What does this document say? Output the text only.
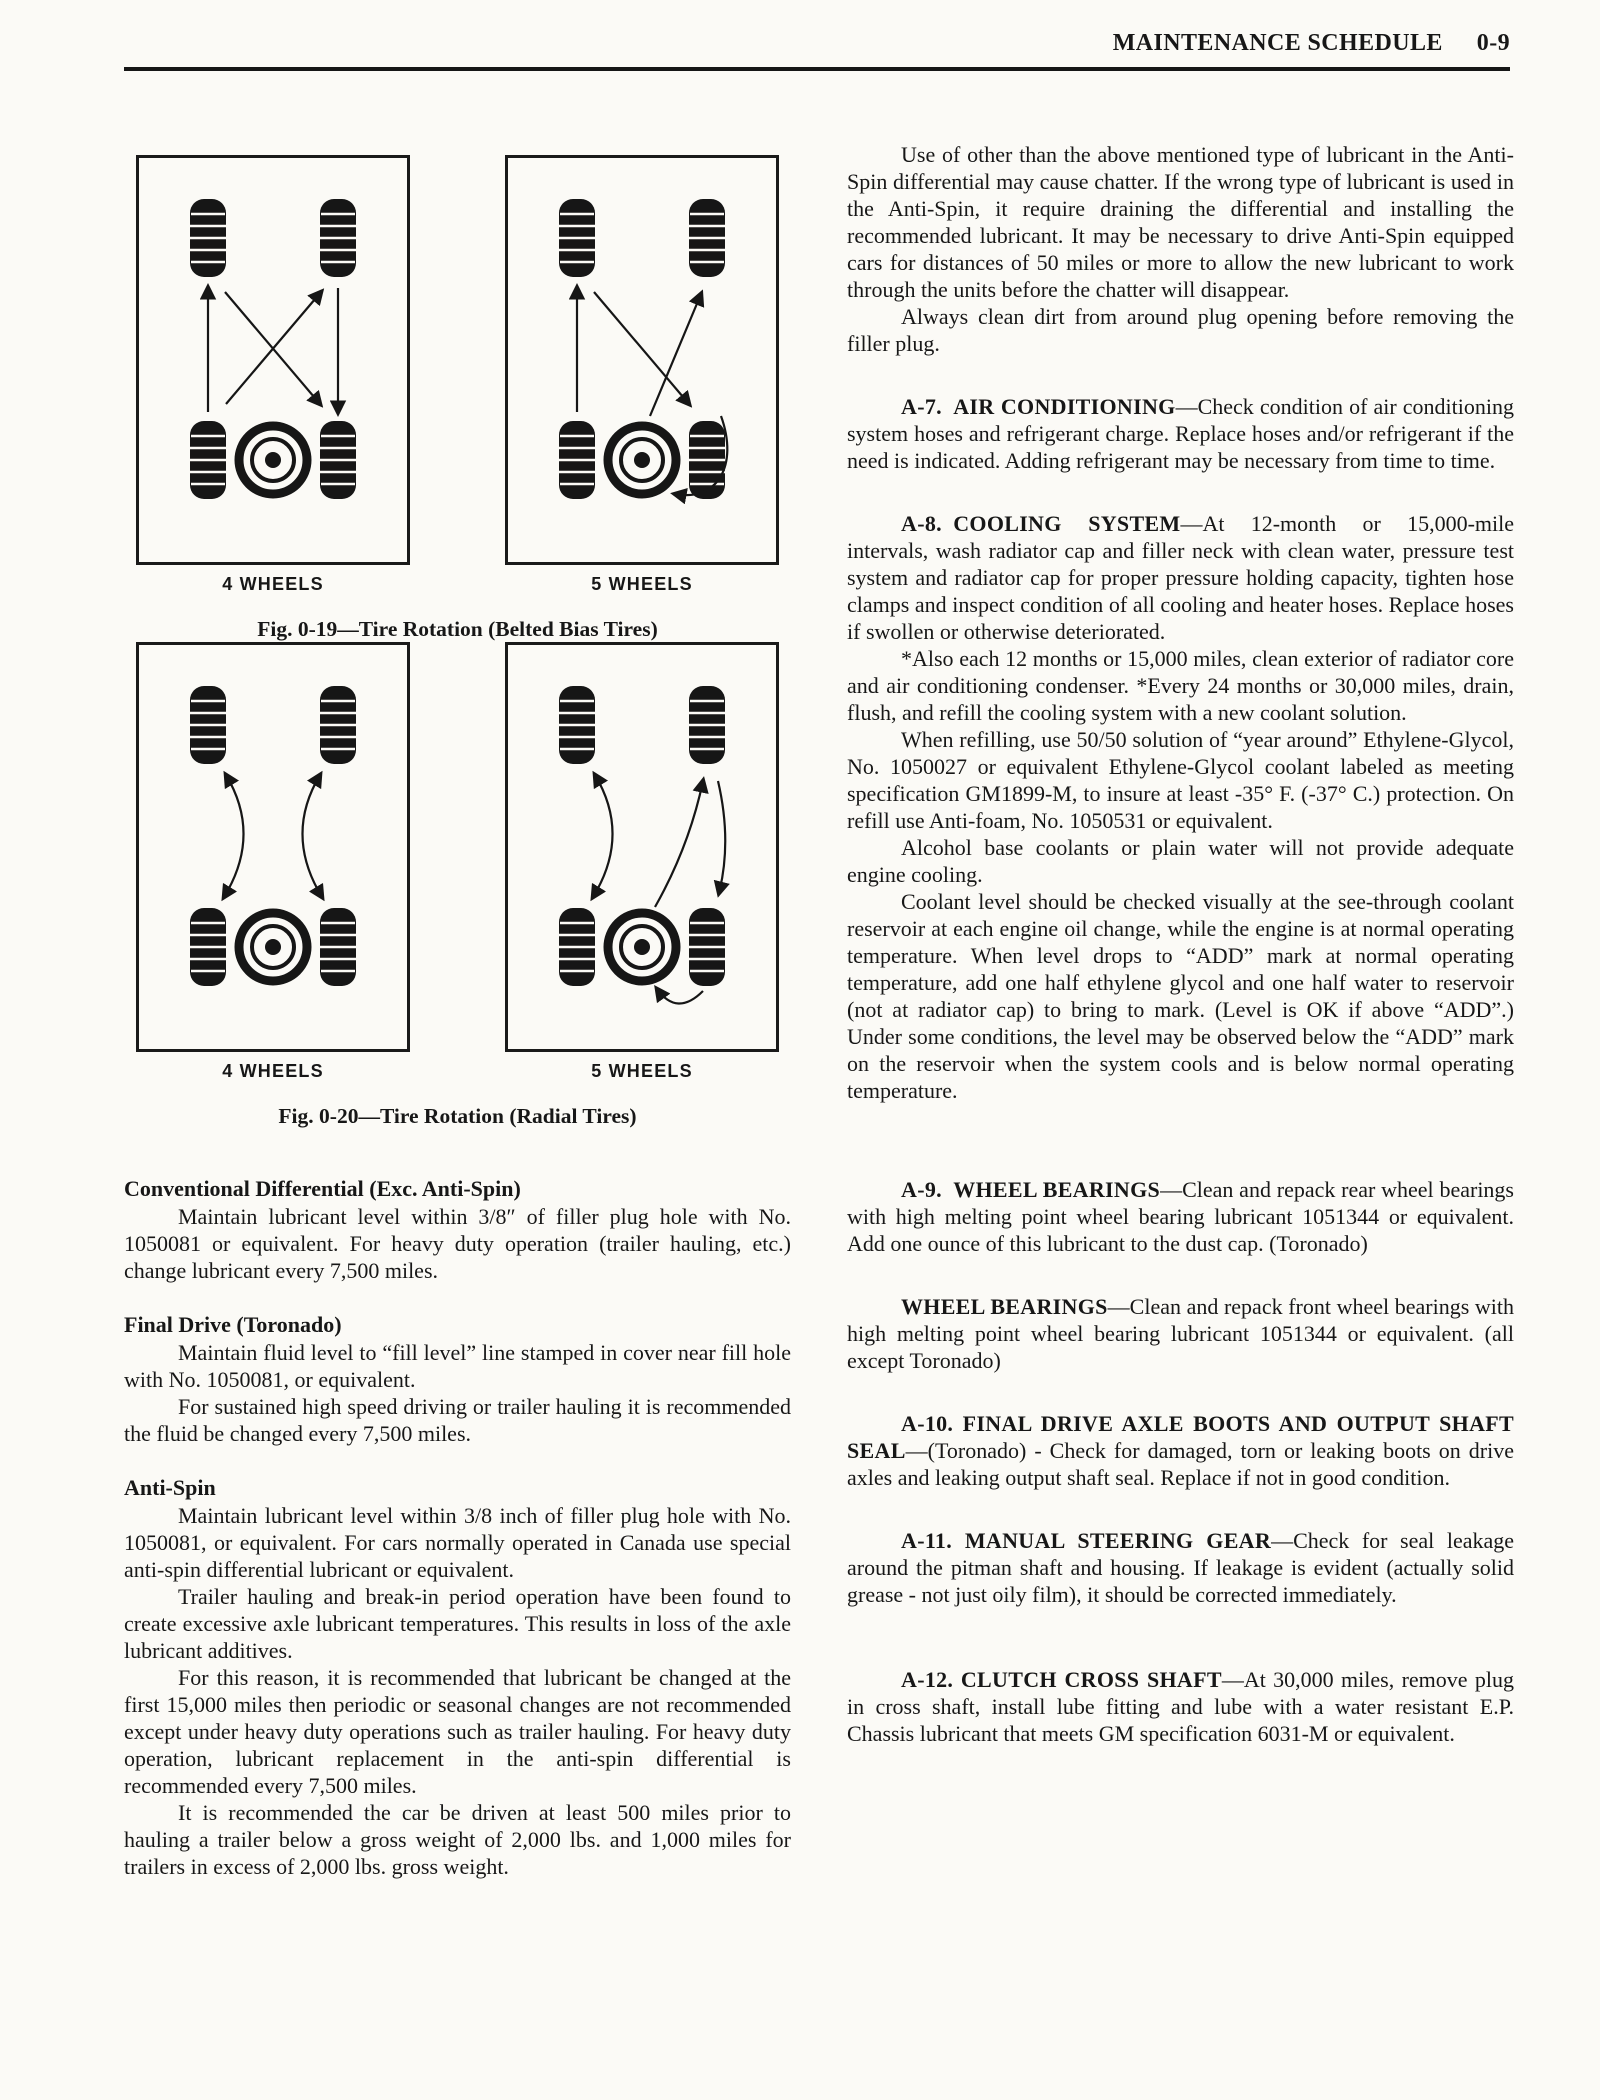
MAINTENANCE SCHEDULE 0-9
4 WHEELS	5 WHEELS
Fig. 0-19—Tire Rotation (Belted Bias Tires)
4 WHEELS	5 WHEELS
Fig. 0-20—Tire Rotation (Radial Tires)
Conventional Differential (Exc. Anti-Spin)

Maintain lubricant level within 3/8″ of filler plug hole with No. 1050081 or equivalent. For heavy duty operation (trailer hauling, etc.) change lubricant every 7,500 miles.

Final Drive (Toronado)

Maintain fluid level to “fill level” line stamped in cover near fill hole with No. 1050081, or equivalent.

For sustained high speed driving or trailer hauling it is recommended the fluid be changed every 7,500 miles.

Anti-Spin

Maintain lubricant level within 3/8 inch of filler plug hole with No. 1050081, or equivalent. For cars normally operated in Canada use special anti-spin differential lubricant or equivalent.

Trailer hauling and break-in period operation have been found to create excessive axle lubricant temperatures. This results in loss of the axle lubricant additives.

For this reason, it is recommended that lubricant be changed at the first 15,000 miles then periodic or seasonal changes are not recommended except under heavy duty operations such as trailer hauling. For heavy duty operation, lubricant replacement in the anti-spin differential is recommended every 7,500 miles.

It is recommended the car be driven at least 500 miles prior to hauling a trailer below a gross weight of 2,000 lbs. and 1,000 miles for trailers in excess of 2,000 lbs. gross weight.

Use of other than the above mentioned type of lubricant in the Anti-Spin differential may cause chatter. If the wrong type of lubricant is used in the Anti-Spin, it require draining the differential and installing the recommended lubricant. It may be necessary to drive Anti-Spin equipped cars for distances of 50 miles or more to allow the new lubricant to work through the units before the chatter will disappear.

Always clean dirt from around plug opening before removing the filler plug.

A-7. AIR CONDITIONING—Check condition of air conditioning system hoses and refrigerant charge. Replace hoses and/or refrigerant if the need is indicated. Adding refrigerant may be necessary from time to time.

A-8. COOLING SYSTEM—At 12-month or 15,000-mile intervals, wash radiator cap and filler neck with clean water, pressure test system and radiator cap for proper pressure holding capacity, tighten hose clamps and inspect condition of all cooling and heater hoses. Replace hoses if swollen or otherwise deteriorated.

*Also each 12 months or 15,000 miles, clean exterior of radiator core and air conditioning condenser. *Every 24 months or 30,000 miles, drain, flush, and refill the cooling system with a new coolant solution.

When refilling, use 50/50 solution of “year around” Ethylene-Glycol, No. 1050027 or equivalent Ethylene-Glycol coolant labeled as meeting specification GM1899-M, to insure at least -35° F. (-37° C.) protection. On refill use Anti-foam, No. 1050531 or equivalent.

Alcohol base coolants or plain water will not provide adequate engine cooling.

Coolant level should be checked visually at the see-through coolant reservoir at each engine oil change, while the engine is at normal operating temperature. When level drops to “ADD” mark at normal operating temperature, add one half ethylene glycol and one half water to reservoir (not at radiator cap) to bring to mark. (Level is OK if above “ADD”.) Under some conditions, the level may be observed below the “ADD” mark on the reservoir when the system cools and is below normal operating temperature.

A-9. WHEEL BEARINGS—Clean and repack rear wheel bearings with high melting point wheel bearing lubricant 1051344 or equivalent. Add one ounce of this lubricant to the dust cap. (Toronado)

WHEEL BEARINGS—Clean and repack front wheel bearings with high melting point wheel bearing lubricant 1051344 or equivalent. (all except Toronado)

A-10. FINAL DRIVE AXLE BOOTS AND OUTPUT SHAFT SEAL—(Toronado) - Check for damaged, torn or leaking boots on drive axles and leaking output shaft seal. Replace if not in good condition.

A-11. MANUAL STEERING GEAR—Check for seal leakage around the pitman shaft and housing. If leakage is evident (actually solid grease - not just oily film), it should be corrected immediately.

A-12. CLUTCH CROSS SHAFT—At 30,000 miles, remove plug in cross shaft, install lube fitting and lube with a water resistant E.P. Chassis lubricant that meets GM specification 6031-M or equivalent.
